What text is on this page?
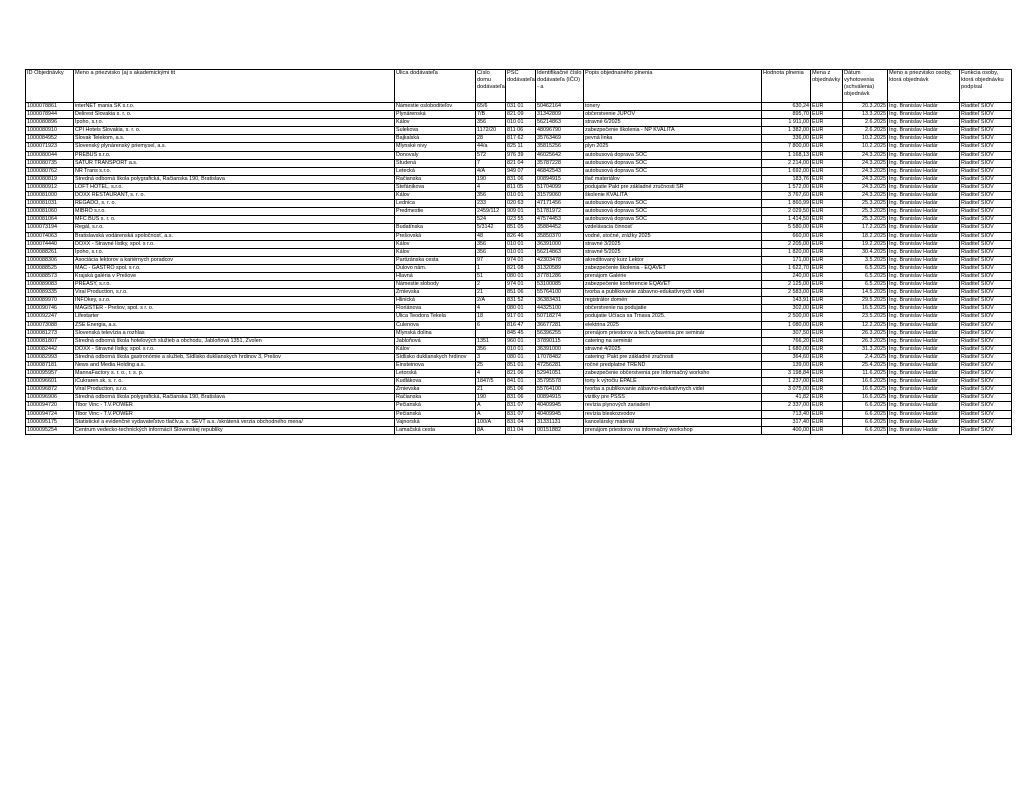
ID Objednávky	Meno a priezvisko (aj s akademickými tit	Ulica dodávateľa	Číslo domu dodávateľa	PSČ dodávateľa	Identifikačné číslo dodávateľa (IČO) - a	Popis objednaného plnenia	Hodnota plnenia	Mena z objednávky	Dátum vyhotovenia (schválenia) objednávk	Meno a priezvisko osoby, ktorá objednávk	Funkcia osoby, ktorá objednávku podpísal
1000078861	interNET mania SK s.r.o.	Námestie osloboditeľov	65/6	031 01	50462164	tonery	630,24	EUR	20.3.2025	Ing. Branislav Hadár	Riaditeľ ŠIOV
1000078944	Delirest Slovakia s. r. o.	Plynárenská	7/B	821 09	31342809	občerstvenie JUPOV	895,70	EUR	13.3.2025	Ing. Branislav Hadár	Riaditeľ ŠIOV
1000080896	Ipoho, s.r.o.	Kálov	356	010 01	56214863	stravné 6/2025	1 911,00	EUR	2.6.2025	Ing. Branislav Hadár	Riaditeľ ŠIOV
1000080910	CPI Hotels Slovakia, s. r. o.	Šulekova	1172/20	811 06	48096790	zabezpečenie školenia - NP KVALITA	1 382,00	EUR	2.6.2025	Ing. Branislav Hadár	Riaditeľ ŠIOV
1000084952	Slovak Telekom, a.s.	Bajkalská	28	817 62	35763469	pevná linka	336,00	EUR	10.2.2025	Ing. Branislav Hadár	Riaditeľ ŠIOV
1000071923	Slovenský plynárenský priemysel, a.s.	Mlynské nivy	44/a	825 11	35815256	plyn 2025	7 800,00	EUR	10.2.2025	Ing. Branislav Hadár	Riaditeľ ŠIOV
1000080044	PREBUS s.r.o.	Donovaly	572	976 39	46025642	autobusová doprava SOČ	1 168,13	EUR	24.3.2025	Ing. Branislav Hadár	Riaditeľ ŠIOV
1000080735	SATUR TRANSPORT a.s.	Studená	7	821 04	35787228	autobusová doprava SOČ	2 214,00	EUR	24.3.2025	Ing. Branislav Hadár	Riaditeľ ŠIOV
1000080762	NR Trans s.r.o.	Letecká	4/A	949 07	46842543	autobusová doprava SOČ	1 692,00	EUR	24.3.2025	Ing. Branislav Hadár	Riaditeľ ŠIOV
1000080819	Stredná odborná škola polygrafická, Račianska 190, Bratislava	Račianska	190	831 06	00894915	tlač materiálov	183,76	EUR	24.3.2025	Ing. Branislav Hadár	Riaditeľ ŠIOV
1000080912	LOFT HOTEL, s.r.o.	Štefánikova	4	811 05	51704099	podujatie Pakt pre základné zručnosti SR	1 572,00	EUR	24.3.2025	Ing. Branislav Hadár	Riaditeľ ŠIOV
1000081000	DOXX RESTAURANT, s. r. o.	Kálov	356	010 01	31579060	školenie KVALITA	3 767,60	EUR	24.3.2025	Ing. Branislav Hadár	Riaditeľ ŠIOV
1000081031	REGADO, s. r. o.	Lednica	233	020 63	47171456	autobusová doprava SOČ	1 860,99	EUR	25.3.2025	Ing. Branislav Hadár	Riaditeľ ŠIOV
1000081060	MIBRO s.r.o.	Predmestie	2459/112	909 01	51781972	autobusová doprava SOČ	2 029,50	EUR	25.3.2025	Ing. Branislav Hadár	Riaditeľ ŠIOV
1000081064	MFC BUS s. r. o.		524	023 55	47574453	autobusová doprava SOČ	1 414,50	EUR	25.3.2025	Ing. Branislav Hadár	Riaditeľ ŠIOV
1000073194	Regál, s.r.o.	Budatínska	5/3142	851 05	35884452	vzdelávacia činnosť	5 580,00	EUR	17.2.2025	Ing. Branislav Hadár	Riaditeľ ŠIOV
1000074063	Bratislavská vodárenská spoločnosť, a.s.	Prešovská	48	826 46	35850370	vodné, stočné, zrážky 2025	660,00	EUR	18.2.2025	Ing. Branislav Hadár	Riaditeľ ŠIOV
1000074440	DOXX - Stravné lístky, spol. s r.o.	Kálov	356	010 01	36391000	stravné 3/2025	2 205,00	EUR	19.2.2025	Ing. Branislav Hadár	Riaditeľ ŠIOV
1000088261	Ipoho, s.r.o.	Kálov	356	010 01	56214863	stravné 5/2025	1 820,00	EUR	30.4.2025	Ing. Branislav Hadár	Riaditeľ ŠIOV
1000088306	Asociácia lektorov a kariérnych poradcov	Partizánska cesta	97	974 01	42303478	akreditovaný kurz Lektor	171,00	EUR	3.5.2025	Ing. Branislav Hadár	Riaditeľ ŠIOV
1000088525	MAC - GASTRO spol. s r.o.	Dulovo nám.	1	821 08	31320589	zabezpečenie školenia - EQAVET	1 622,70	EUR	6.5.2025	Ing. Branislav Hadár	Riaditeľ ŠIOV
1000088573	Krajská galéria v Prešove	Hlavná	51	080 01	37781286	prenájom Galérie	240,00	EUR	6.5.2025	Ing. Branislav Hadár	Riaditeľ ŠIOV
1000089083	PREASY, s.r.o.	Námestie slobody	2	974 01	53100085	zabezpečenie konferencie EQAVET	2 125,00	EUR	6.5.2025	Ing. Branislav Hadár	Riaditeľ ŠIOV
1000089335	Viral Production, s.r.o.	Zrnievska	21	851 06	55764100	tvorba a publikovanie zábavno-edukatívnych videí	2 583,00	EUR	14.5.2025	Ing. Branislav Hadár	Riaditeľ ŠIOV
1000089970	INFOkey, s.r.o.	Hlinická	2/A	831 52	36383431	registrátor domén	143,91	EUR	29.5.2025	Ing. Branislav Hadár	Riaditeľ ŠIOV
1000090746	MAGISTER - Prešov, spol. s r. o.	Floriánova	4	080 01	44325100	občerstvenie na podujatie	302,00	EUR	16.5.2025	Ing. Branislav Hadár	Riaditeľ ŠIOV
1000092247	Lifestarter	Ulica Teodora Tekela	18	917 01	50718274	podujatie Učíaca sa Trnava 2025.	2 500,00	EUR	23.5.2025	Ing. Branislav Hadár	Riaditeľ ŠIOV
1000073088	ZSE Energia, a.s.	Čulenova	6	816 47	36677281	elektrina 2025	1 080,00	EUR	12.2.2025	Ing. Branislav Hadár	Riaditeľ ŠIOV
1000081273	Slovenská televízia a rozhlas	Mlynská dolina		845 45	56396255	prenájom priestorov a tech.vybavenia pre seminár	307,50	EUR	26.3.2025	Ing. Branislav Hadár	Riaditeľ ŠIOV
1000081807	Stredná odborná škola hotelových služieb a obchodu, Jabloňová 1351, Zvolen	Jabloňová	1351	960 01	37890115	catering na seminár	766,20	EUR	26.3.2025	Ing. Branislav Hadár	Riaditeľ ŠIOV
1000082442	DOXX - Stravné lístky, spol. s r.o.	Kálov	356	010 01	36391000	stravné 4/2025	1 680,00	EUR	31.3.2025	Ing. Branislav Hadár	Riaditeľ ŠIOV
1000082993	Stredná odborná škola gastronómie a služieb, Sídlisko duklianskych hrdinov 3, Prešov	Sídlisko duklianskych hrdinov	3	080 01	17078482	catering: Pakt pre základné zručnosti	364,60	EUR	2.4.2025	Ing. Branislav Hadár	Riaditeľ ŠIOV
1000087181	News and Media Holding a.s.	Einsteinova	25	851 01	47256281	ročné predplatné TREND	139,00	EUR	25.4.2025	Ing. Branislav Hadár	Riaditeľ ŠIOV
1000095957	MannaFactory s. r. o., r. s. p.	Letorská	4	821 06	52941051	zabezpečenie občerstvenia pre Informačný worksho	3 198,84	EUR	11.6.2025	Ing. Branislav Hadár	Riaditeľ ŠIOV
1000096601	iCukraren.sk, s. r. o.	Kudlákova	1847/5	841 01	35795578	torty k výročiu EPALE	1 237,00	EUR	16.6.2025	Ing. Branislav Hadár	Riaditeľ ŠIOV
1000096872	Viral Production, s.r.o.	Zrnievska	21	851 06	55764100	tvorba a publikovanie zábavno-edukatívnych videí	3 075,00	EUR	16.6.2025	Ing. Branislav Hadár	Riaditeľ ŠIOV
1000096906	Stredná odborná škola polygrafická, Račianska 190, Bratislava	Račianska	190	831 06	00894915	vizitky pre PŠSS	41,82	EUR	16.6.2025	Ing. Branislav Hadár	Riaditeľ ŠIOV
1000094720	Tibor Vinc - T.V.POWER	Pečianská	A	831 07	40409945	revízia plynových zariadení	2 337,00	EUR	6.6.2025	Ing. Branislav Hadár	Riaditeľ ŠIOV
1000094724	Tibor Vinc - T.V.POWER	Pečianská	A	831 07	40409945	revízia bleskozvodov	713,40	EUR	6.6.2025	Ing. Branislav Hadár	Riaditeľ ŠIOV
1000095175	Štatistické a evidenčné vydavateľstvo tlačív,a. s. ŠEVT a.s. /skrátená verzia obchodného mena/	Vajnorská	100/A	831 04	31331131	kancelársky materiál	317,40	EUR	6.6.2025	Ing. Branislav Hadár	Riaditeľ ŠIOV
1000095254	Centrum vedecko-technických informácií Slovenskej republiky	Lamačská cesta	8A	811 04	00151882	prenájom priestorov na informačný workshop	400,00	EUR	6.6.2025	Ing. Branislav Hadár	Riaditeľ ŠIOV
